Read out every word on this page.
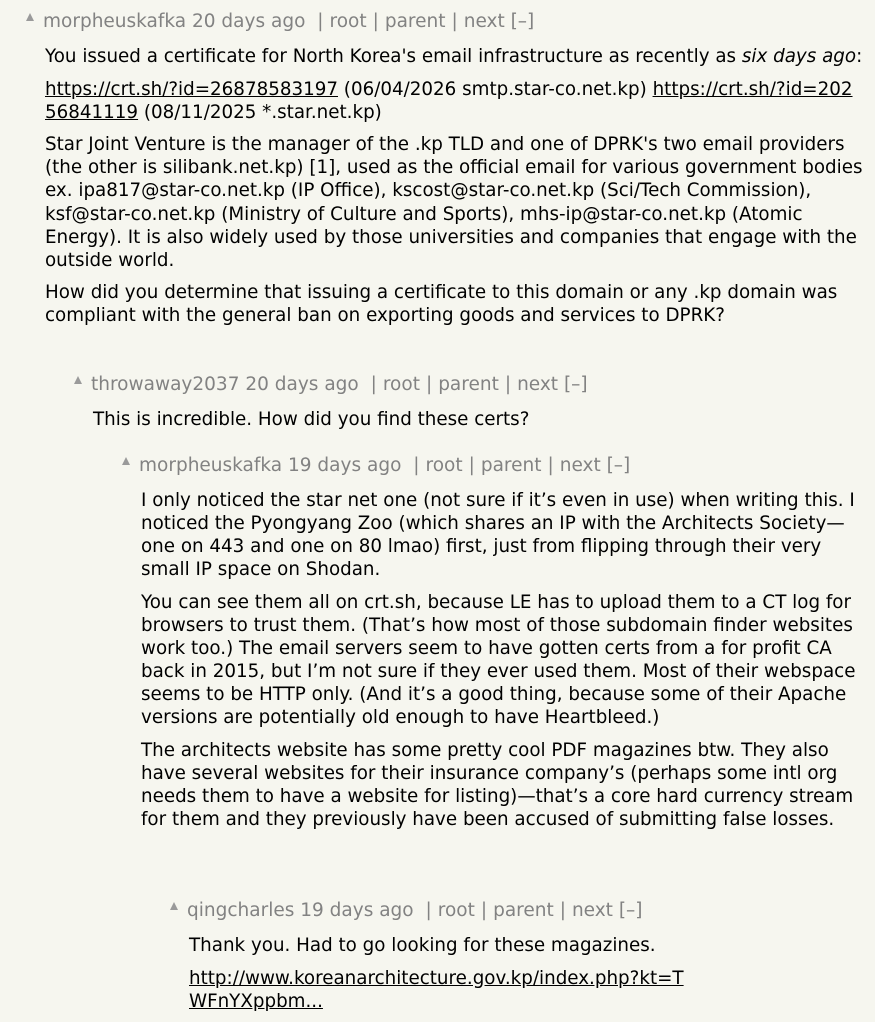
morpheuskafka 20 days ago | root | parent | next [–]

You issued a certificate for North Korea's email infrastructure as recently as six days ago:

https://crt.sh/?id=26878583197 (06/04/2026 smtp.star-co.net.kp) https://crt.sh/?id=20256841119 (08/11/2025 *.star.net.kp)

Star Joint Venture is the manager of the .kp TLD and one of DPRK's two email providers (the other is silibank.net.kp) [1], used as the official email for various government bodies ex. ipa817@star-co.net.kp (IP Office), kscost@star-co.net.kp (Sci/Tech Commission), ksf@star-co.net.kp (Ministry of Culture and Sports), mhs-ip@star-co.net.kp (Atomic Energy). It is also widely used by those universities and companies that engage with the outside world.

How did you determine that issuing a certificate to this domain or any .kp domain was compliant with the general ban on exporting goods and services to DPRK?

throwaway2037 20 days ago | root | parent | next [–]

This is incredible. How did you find these certs?

morpheuskafka 19 days ago | root | parent | next [–]

I only noticed the star net one (not sure if it’s even in use) when writing this. I noticed the Pyongyang Zoo (which shares an IP with the Architects Society—one on 443 and one on 80 lmao) first, just from flipping through their very small IP space on Shodan.

You can see them all on crt.sh, because LE has to upload them to a CT log for browsers to trust them. (That’s how most of those subdomain finder websites work too.) The email servers seem to have gotten certs from a for profit CA back in 2015, but I’m not sure if they ever used them. Most of their webspace seems to be HTTP only. (And it’s a good thing, because some of their Apache versions are potentially old enough to have Heartbleed.)

The architects website has some pretty cool PDF magazines btw. They also have several websites for their insurance company’s (perhaps some intl org needs them to have a website for listing)—that’s a core hard currency stream for them and they previously have been accused of submitting false losses.

qingcharles 19 days ago | root | parent | next [–]

Thank you. Had to go looking for these magazines.

http://www.koreanarchitecture.gov.kp/index.php?kt=TWFnYXppbm...
